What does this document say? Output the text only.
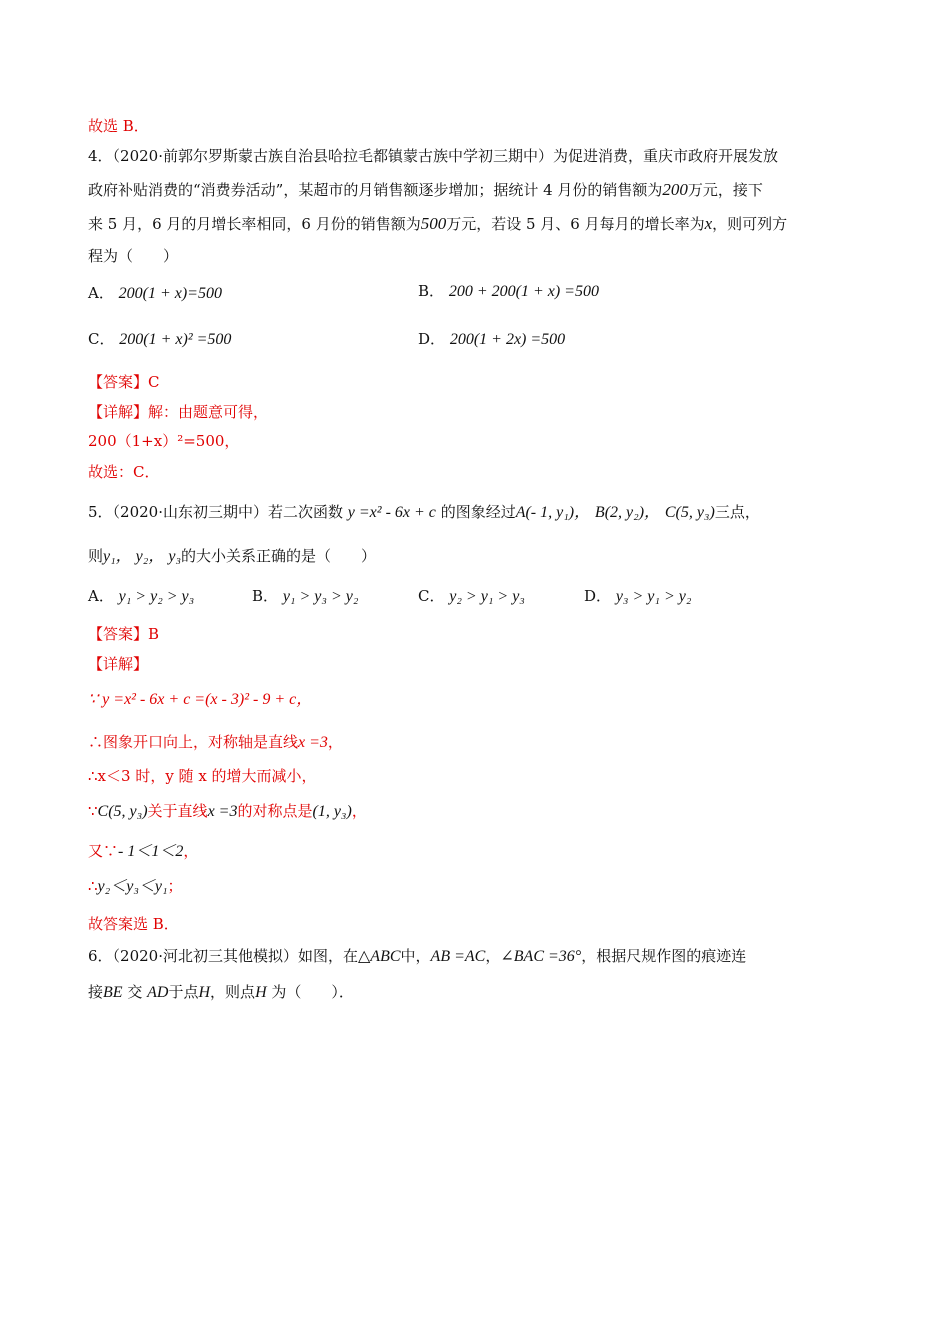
故选 B．
4．（2020·前郭尔罗斯蒙古族自治县哈拉毛都镇蒙古族中学初三期中）为促进消费，重庆市政府开展发放
政府补贴消费的“消费券活动”，某超市的月销售额逐步增加；据统计 4 月份的销售额为200万元，接下
来 5 月，6 月的月增长率相同，6 月份的销售额为500万元，若设 5 月、6 月每月的增长率为x，则可列方
程为（　　）
A． 200(1 + x)=500	B． 200 + 200(1 + x) =500
C． 200(1 + x)² =500	D． 200(1 + 2x) =500
【答案】C
【详解】解：由题意可得，
200（1+x）²=500，
故选：C．
5．（2020·山东初三期中）若二次函数 y =x² - 6x + c 的图象经过A(- 1, y₁)， B(2, y₂)， C(5, y₃)三点，
则y₁， y₂， y₃的大小关系正确的是（　　）
A． y₁ > y₂ > y₃	B． y₁ > y₃ > y₂	C． y₂ > y₁ > y₃	D． y₃ > y₁ > y₂
【答案】B
【详解】
∵ y =x² - 6x + c =(x - 3)² - 9 + c，
∴图象开口向上，对称轴是直线x =3，
∴x＜3 时，y 随 x 的增大而减小，
∵C(5, y₃)关于直线x =3的对称点是(1, y₃)，
又∵- 1＜1＜2，
∴y₂＜y₃＜y₁；
故答案选 B．
6．（2020·河北初三其他模拟）如图，在△ABC中，AB =AC，∠BAC =36°，根据尺规作图的痕迹连
接BE 交 AD于点H，则点H 为（　　）．
